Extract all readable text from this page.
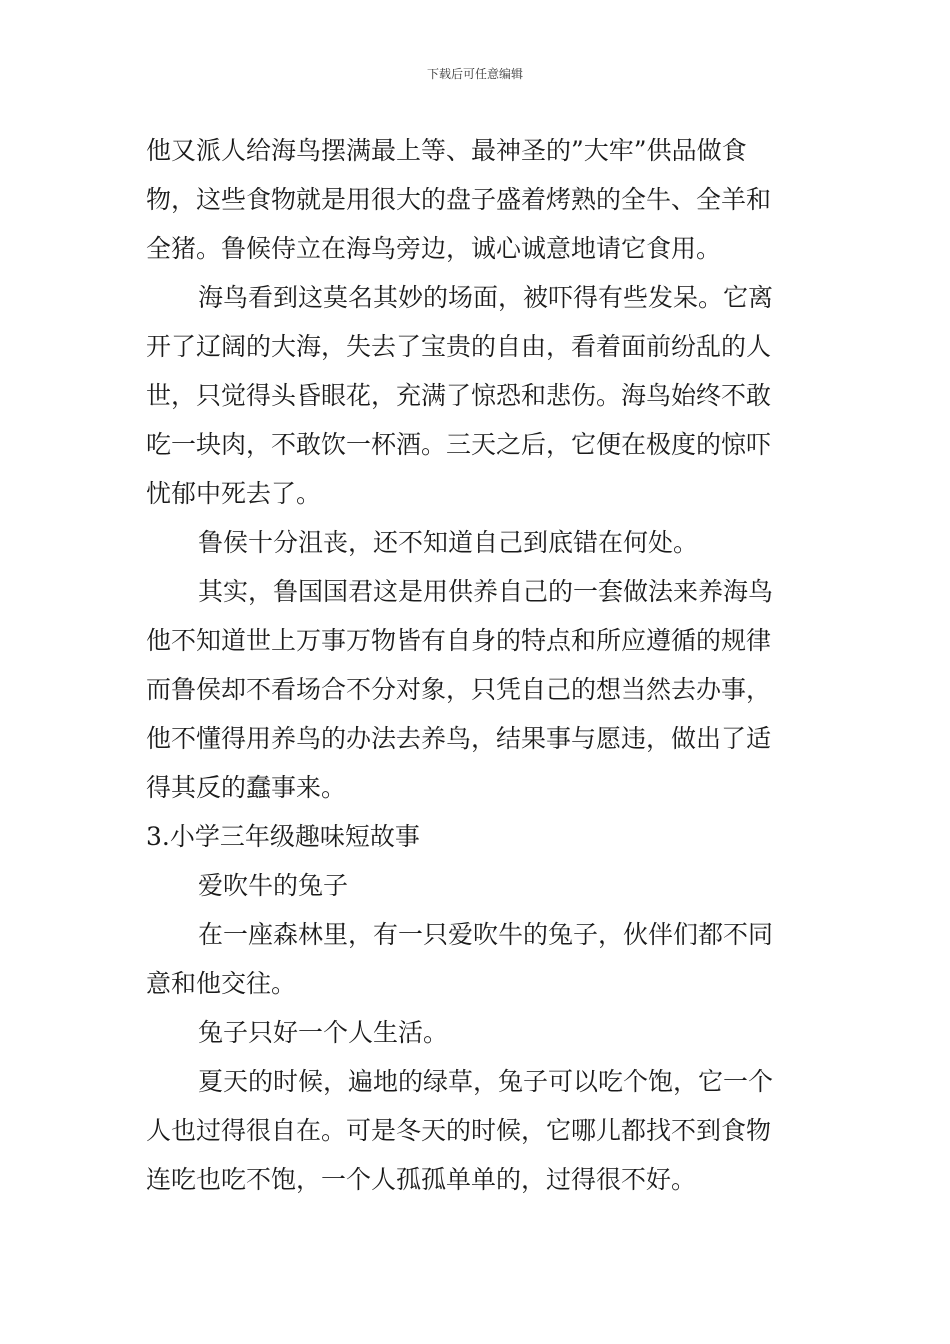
下载后可任意编辑
他又派人给海鸟摆满最上等、最神圣的”大牢”供品做食
物，这些食物就是用很大的盘子盛着烤熟的全牛、全羊和
全猪。鲁候侍立在海鸟旁边，诚心诚意地请它食用。
海鸟看到这莫名其妙的场面，被吓得有些发呆。它离
开了辽阔的大海，失去了宝贵的自由，看着面前纷乱的人
世，只觉得头昏眼花，充满了惊恐和悲伤。海鸟始终不敢
吃一块肉，不敢饮一杯酒。三天之后，它便在极度的惊吓
忧郁中死去了。
鲁侯十分沮丧，还不知道自己到底错在何处。
其实，鲁国国君这是用供养自己的一套做法来养海鸟
他不知道世上万事万物皆有自身的特点和所应遵循的规律
而鲁侯却不看场合不分对象，只凭自己的想当然去办事，
他不懂得用养鸟的办法去养鸟，结果事与愿违，做出了适
得其反的蠢事来。
3.小学三年级趣味短故事
爱吹牛的兔子
在一座森林里，有一只爱吹牛的兔子，伙伴们都不同
意和他交往。
兔子只好一个人生活。
夏天的时候，遍地的绿草，兔子可以吃个饱，它一个
人也过得很自在。可是冬天的时候，它哪儿都找不到食物
连吃也吃不饱，一个人孤孤单单的，过得很不好。
